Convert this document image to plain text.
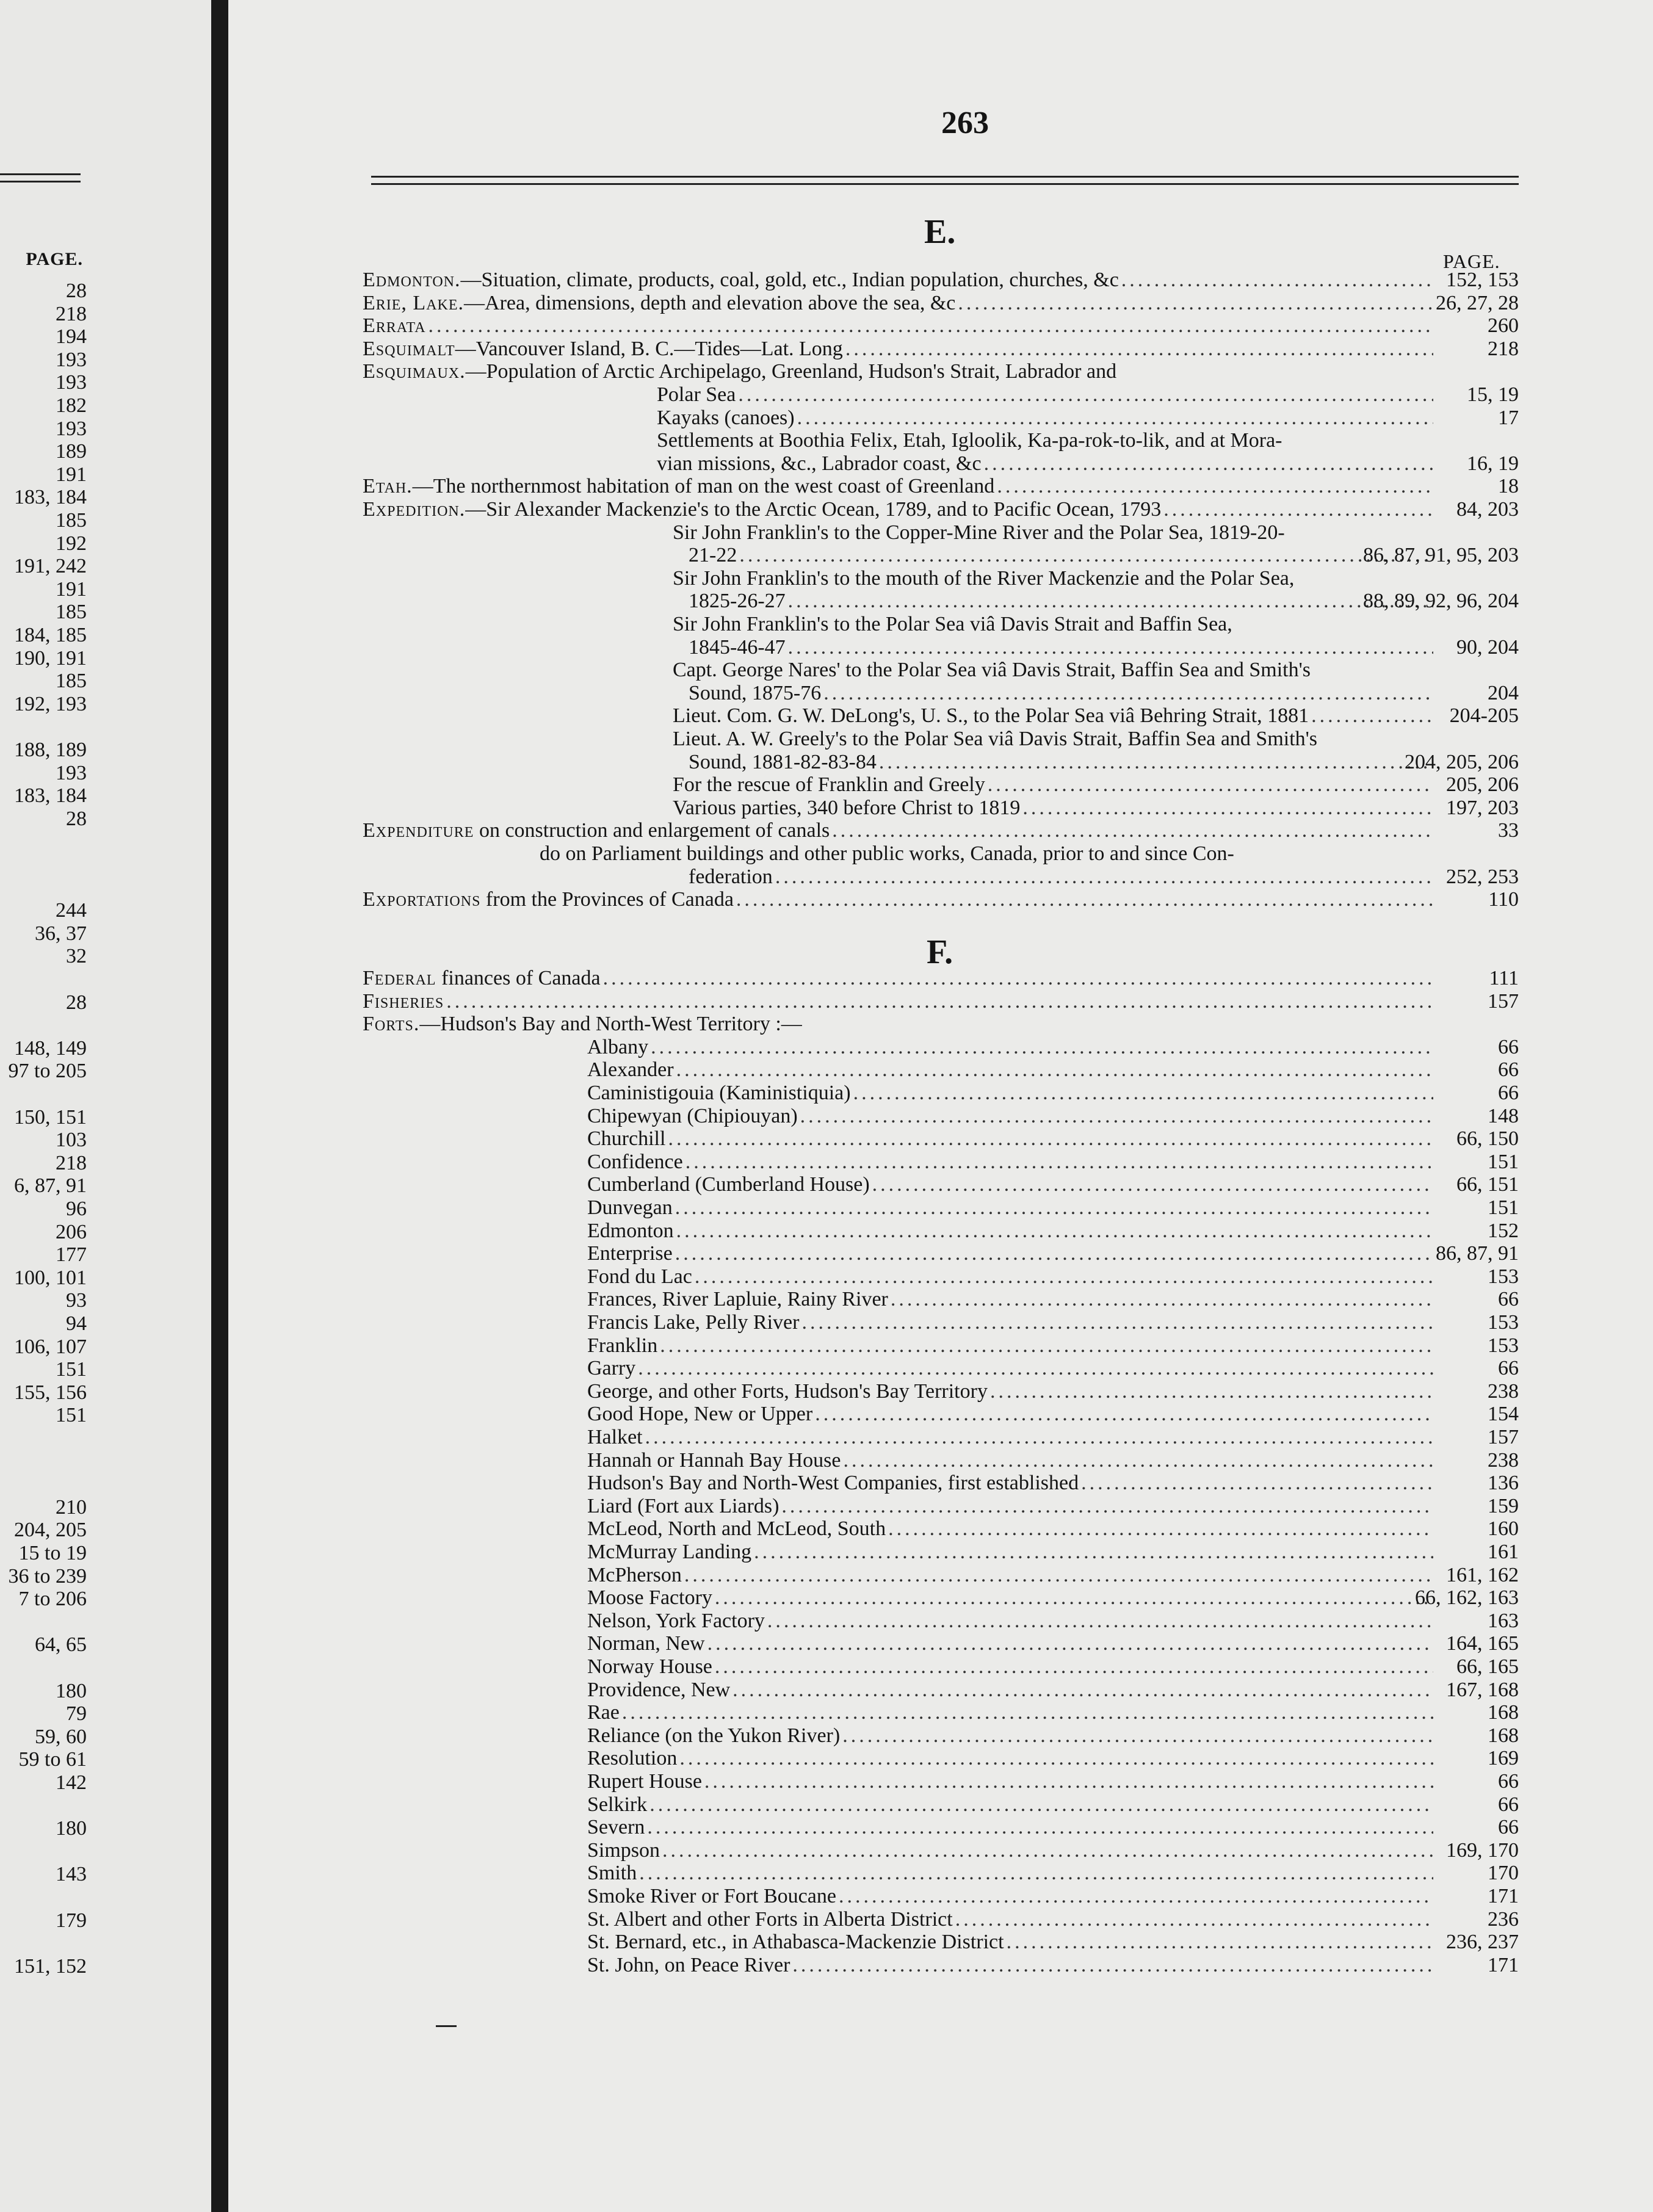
PAGE.
28
218
194
193
193
182
193
189
191
183, 184
185
192
191, 242
191
185
184, 185
190, 191
185
192, 193
188, 189
193
183, 184
28
244
36, 37
32
28
148, 149
97 to 205
150, 151
103
218
6, 87, 91
96
206
177
100, 101
93
94
106, 107
151
155, 156
151
210
204, 205
15 to 19
36 to 239
7 to 206
64, 65
180
79
59, 60
59 to 61
142
180
143
179
151, 152
263
PAGE.
E.
Edmonton.—Situation, climate, products, coal, gold, etc., Indian population, churches, &c .....	152, 153
Erie, Lake.—Area, dimensions, depth and elevation above the sea, &c .....	26, 27, 28
Errata .....	260
Esquimalt—Vancouver Island, B. C.—Tides—Lat. Long .....	218
Esquimaux.—Population of Arctic Archipelago, Greenland, Hudson's Strait, Labrador and
Polar Sea .....	15, 19
Kayaks (canoes) .....	17
Settlements at Boothia Felix, Etah, Igloolik, Ka-pa-rok-to-lik, and at Mora-
vian missions, &c., Labrador coast, &c .....	16, 19
Etah.—The northernmost habitation of man on the west coast of Greenland .....	18
Expedition.—Sir Alexander Mackenzie's to the Arctic Ocean, 1789, and to Pacific Ocean, 1793 .....	84, 203
Sir John Franklin's to the Copper-Mine River and the Polar Sea, 1819-20-
21-22 .....	86, 87, 91, 95, 203
Sir John Franklin's to the mouth of the River Mackenzie and the Polar Sea,
1825-26-27 .....	88, 89, 92, 96, 204
Sir John Franklin's to the Polar Sea viâ Davis Strait and Baffin Sea,
1845-46-47 .....	90, 204
Capt. George Nares' to the Polar Sea viâ Davis Strait, Baffin Sea and Smith's
Sound, 1875-76 .....	204
Lieut. Com. G. W. DeLong's, U. S., to the Polar Sea viâ Behring Strait, 1881 .....	204-205
Lieut. A. W. Greely's to the Polar Sea viâ Davis Strait, Baffin Sea and Smith's
Sound, 1881-82-83-84 .....	204, 205, 206
For the rescue of Franklin and Greely .....	205, 206
Various parties, 340 before Christ to 1819 .....	197, 203
Expenditure on construction and enlargement of canals .....	33
do on Parliament buildings and other public works, Canada, prior to and since Con-
federation .....	252, 253
Exportations from the Provinces of Canada .....	110
F.
Federal finances of Canada .....	111
Fisheries .....	157
Forts.—Hudson's Bay and North-West Territory :—
Albany .....	66
Alexander .....	66
Caministigouia (Kaministiquia) .....	66
Chipewyan (Chipiouyan) .....	148
Churchill .....	66, 150
Confidence .....	151
Cumberland (Cumberland House) .....	66, 151
Dunvegan .....	151
Edmonton .....	152
Enterprise .....	86, 87, 91
Fond du Lac .....	153
Frances, River Lapluie, Rainy River .....	66
Francis Lake, Pelly River .....	153
Franklin .....	153
Garry .....	66
George, and other Forts, Hudson's Bay Territory .....	238
Good Hope, New or Upper .....	154
Halket .....	157
Hannah or Hannah Bay House .....	238
Hudson's Bay and North-West Companies, first established .....	136
Liard (Fort aux Liards) .....	159
McLeod, North and McLeod, South .....	160
McMurray Landing .....	161
McPherson .....	161, 162
Moose Factory .....	66, 162, 163
Nelson, York Factory .....	163
Norman, New .....	164, 165
Norway House .....	66, 165
Providence, New .....	167, 168
Rae .....	168
Reliance (on the Yukon River) .....	168
Resolution .....	169
Rupert House .....	66
Selkirk .....	66
Severn .....	66
Simpson .....	169, 170
Smith .....	170
Smoke River or Fort Boucane .....	171
St. Albert and other Forts in Alberta District .....	236
St. Bernard, etc., in Athabasca-Mackenzie District .....	236, 237
St. John, on Peace River .....	171
